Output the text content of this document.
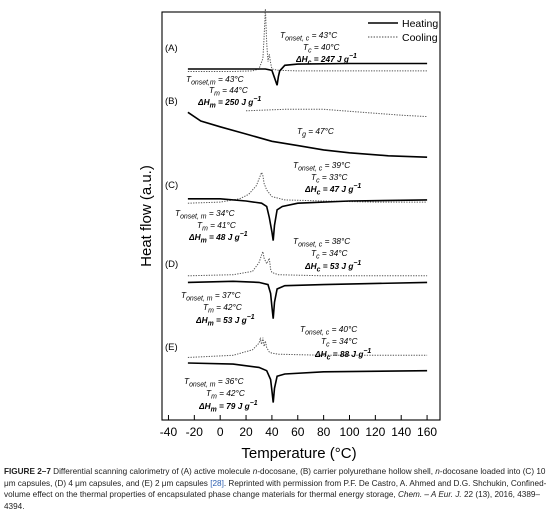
-40 -20 0 20 40 60 80 100 120 140 160
(A)
(B)
(C)
(D)
(E)
Heating
Cooling
Temperature (°C)
Heat flow (a.u.)
$T_{onset, c} = 43^\circ C$
$T_c = 40^\circ C$
$\Delta H_c = 247$ J $g^{-1}$
$T_{onset,m} = 43^\circ C$
$T_m = 44^\circ C$
$\Delta H_m = 250$ J $g^{-1}$
$T_g = 47^\circ C$
$T_{onset, c} = 39^\circ C$
$T_c = 33^\circ C$
$\Delta H_c = 47$ J $g^{-1}$
$T_{onset, m} = 34^\circ C$
$T_m = 41^\circ C$
$\Delta H_m = 48$ J $g^{-1}$
$T_{onset, c} = 38^\circ C$
$T_c = 34^\circ C$
$\Delta H_c = 53$ J $g^{-1}$
$T_{onset, m} = 37^\circ C$
$T_m = 42^\circ C$
$\Delta H_m = 53$ J $g^{-1}$
$T_{onset, c} = 40^\circ C$
$T_c = 34^\circ C$
$\Delta H_c = 88$ J $g^{-1}$
$T_{onset, m} = 36^\circ C$
$T_m = 42^\circ C$
$\Delta H_m = 79$ J $g^{-1}$
FIGURE 2–7 Differential scanning calorimetry of (A) active molecule n-docosane, (B) carrier polyurethane hollow shell, n-docosane loaded into (C) 10 μm capsules, (D) 4 μm capsules, and (E) 2 μm capsules [28]. Reprinted with permission from P.F. De Castro, A. Ahmed and D.G. Shchukin, Confined-volume effect on the thermal properties of encapsulated phase change materials for thermal energy storage, Chem. – A Eur. J. 22 (13), 2016, 4389–4394.
